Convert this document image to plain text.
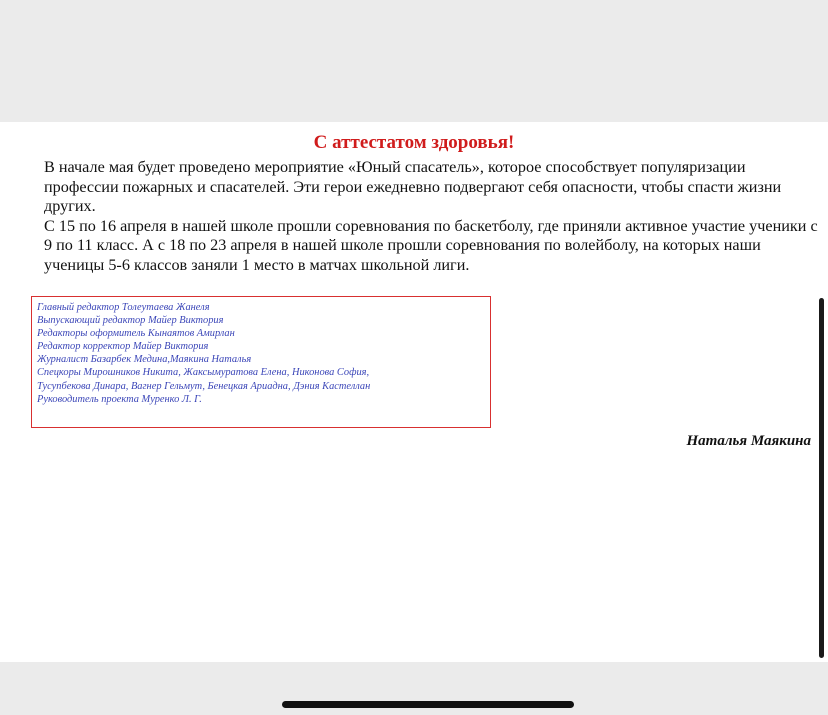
С аттестатом здоровья!

В начале мая будет проведено мероприятие «Юный спасатель», которое способствует популяризации профессии пожарных и спасателей. Эти герои ежедневно подвергают себя опасности, чтобы спасти жизни других.

С 15 по 16 апреля в нашей школе прошли соревнования по баскетболу, где приняли активное участие ученики с 9 по 11 класс. А с 18 по 23 апреля в нашей школе прошли соревнования по волейболу, на которых наши ученицы 5-6 классов заняли 1 место в матчах школьной лиги.

Главный редактор Толеутаева Жанеля
Выпускающий редактор Майер Виктория
Редакторы оформитель Кынаятов Амирлан
Редактор корректор Майер Виктория
Журналист Базарбек Медина,Маякина Наталья
Спецкоры Мирошников Никита, Жаксымуратова Елена, Никонова София,
Тусупбекова Динара, Вагнер Гельмут, Бенецкая Ариадна, Дэния Кастеллан
Руководитель проекта Муренко Л. Г.
Наталья Маякина
